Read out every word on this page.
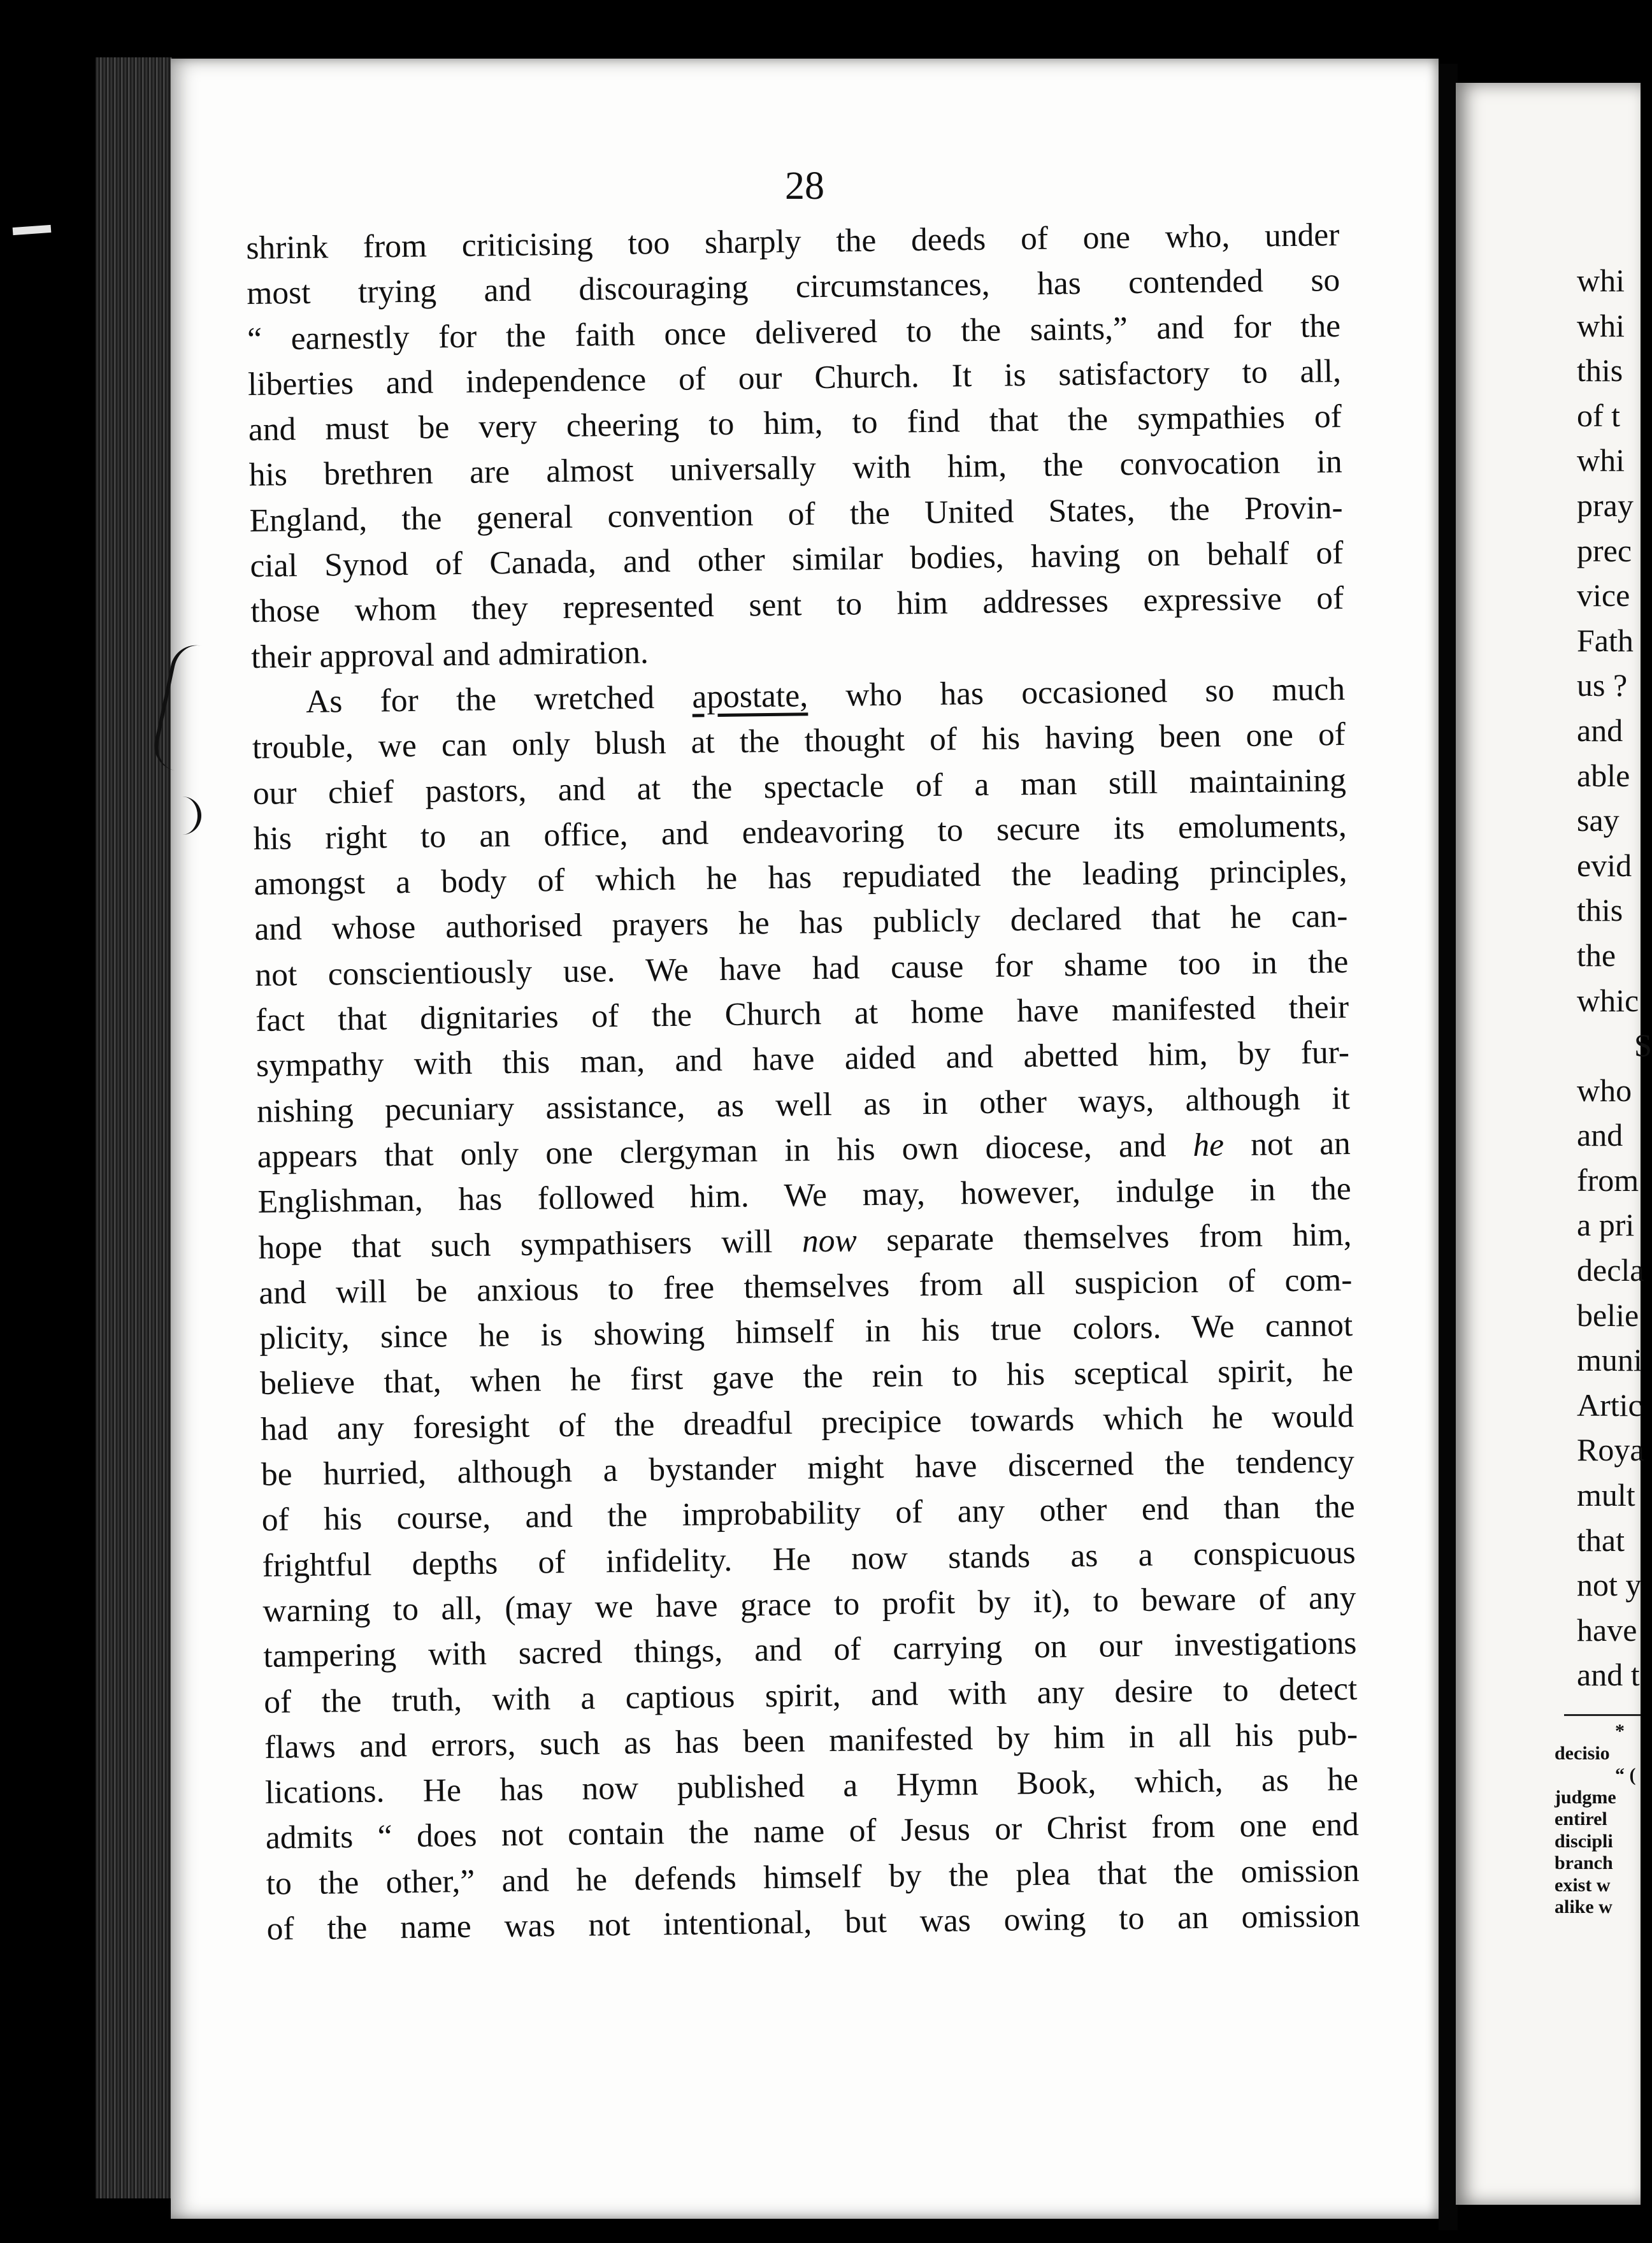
28
shrink from criticising too sharply the deeds of one who, under
most trying and discouraging circumstances, has contended so
“ earnestly for the faith once delivered to the saints,” and for the
liberties and independence of our Church. It is satisfactory to all,
and must be very cheering to him, to find that the sympathies of
his brethren are almost universally with him, the convocation in
England, the general convention of the United States, the Provin-
cial Synod of Canada, and other similar bodies, having on behalf of
those whom they represented sent to him addresses expressive of
their approval and admiration.
As for the wretched apostate, who has occasioned so much
trouble, we can only blush at the thought of his having been one of
our chief pastors, and at the spectacle of a man still maintaining
his right to an office, and endeavoring to secure its emoluments,
amongst a body of which he has repudiated the leading principles,
and whose authorised prayers he has publicly declared that he can-
not conscientiously use. We have had cause for shame too in the
fact that dignitaries of the Church at home have manifested their
sympathy with this man, and have aided and abetted him, by fur-
nishing pecuniary assistance, as well as in other ways, although it
appears that only one clergyman in his own diocese, and he not an
Englishman, has followed him. We may, however, indulge in the
hope that such sympathisers will now separate themselves from him,
and will be anxious to free themselves from all suspicion of com-
plicity, since he is showing himself in his true colors. We cannot
believe that, when he first gave the rein to his sceptical spirit, he
had any foresight of the dreadful precipice towards which he would
be hurried, although a bystander might have discerned the tendency
of his course, and the improbability of any other end than the
frightful depths of infidelity. He now stands as a conspicuous
warning to all, (may we have grace to profit by it), to beware of any
tampering with sacred things, and of carrying on our investigations
of the truth, with a captious spirit, and with any desire to detect
flaws and errors, such as has been manifested by him in all his pub-
lications. He has now published a Hymn Book, which, as he
admits “ does not contain the name of Jesus or Christ from one end
to the other,” and he defends himself by the plea that the omission
of the name was not intentional, but was owing to an omission
whi
whi
this
of t
whi
pray
prec
vice
Fath
us ?
and
able
say
evid
this
the
whic
S
who
and
from
a pri
decla
belie
muni
Artic
Roya
mult
that
not y
have
and t
*
decisio
“ (
judgme
entirel
discipli
branch
exist w
alike w
